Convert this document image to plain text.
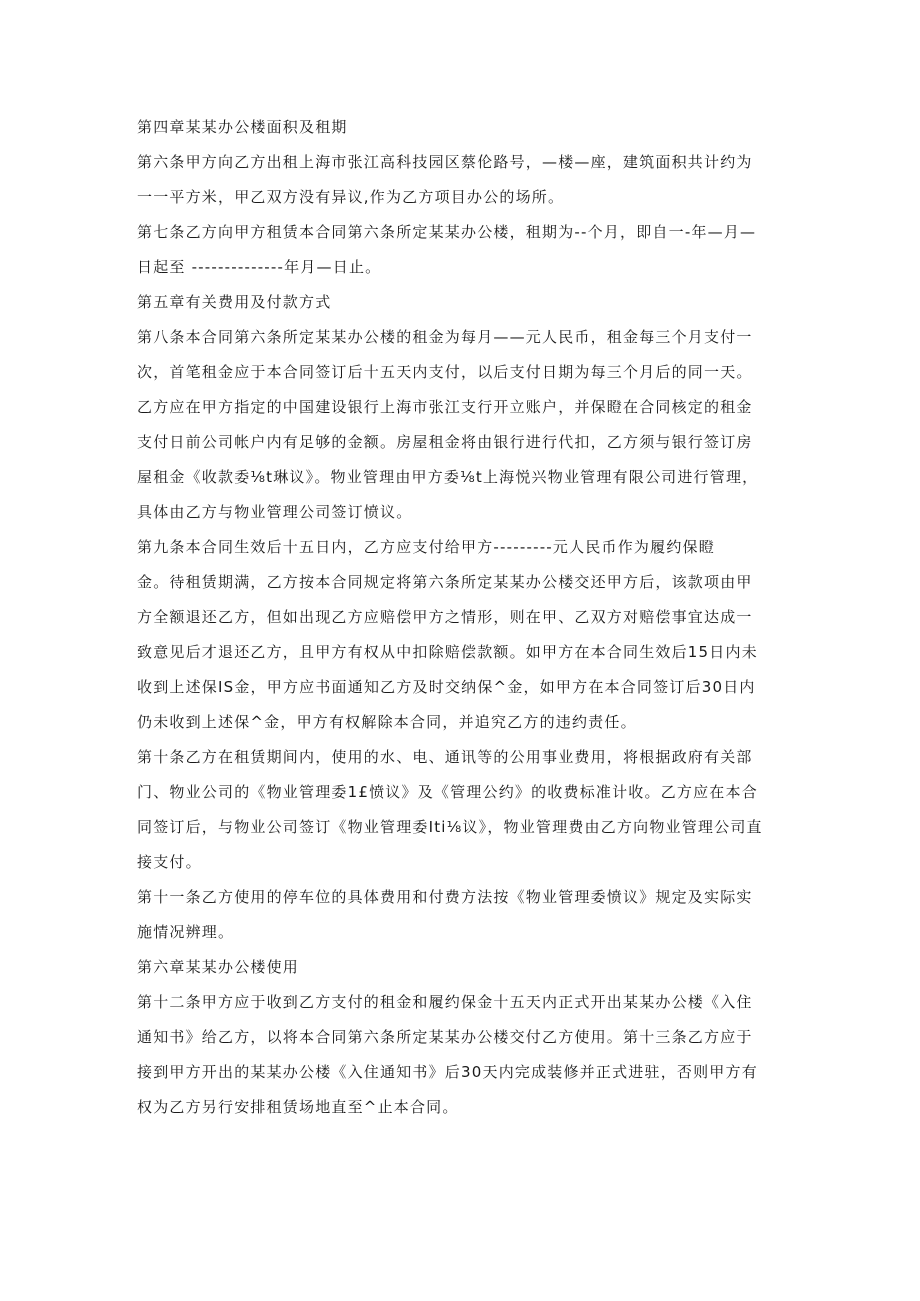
第四章某某办公楼面积及租期
第六条甲方向乙方出租上海市张江高科技园区蔡伦路号，—楼—座，建筑面积共计约为
一一平方米，甲乙双方没有异议,作为乙方项目办公的场所。
第七条乙方向甲方租赁本合同第六条所定某某办公楼，租期为--个月，即自一-年—月—
日起至 --------------年月—日止。
第五章有关费用及付款方式
第八条本合同第六条所定某某办公楼的租金为每月——元人民币，租金每三个月支付一
次，首笔租金应于本合同签订后十五天内支付，以后支付日期为每三个月后的同一天。
乙方应在甲方指定的中国建设银行上海市张江支行开立账户，并保瞪在合同核定的租金
支付日前公司帐户内有足够的金额。房屋租金将由银行进行代扣，乙方须与银行签订房
屋租金《收款委⅛t琳议》。物业管理由甲方委⅛t上海悦兴物业管理有限公司进行管理，
具体由乙方与物业管理公司签订愤议。
第九条本合同生效后十五日内，乙方应支付给甲方---------元人民币作为履约保瞪
金。待租赁期满，乙方按本合同规定将第六条所定某某办公楼交还甲方后，该款项由甲
方全额退还乙方，但如出现乙方应赔偿甲方之情形，则在甲、乙双方对赔偿事宜达成一
致意见后才退还乙方，且甲方有权从中扣除赔偿款额。如甲方在本合同生效后15日内未
收到上述保IS金，甲方应书面通知乙方及时交纳保^金，如甲方在本合同签订后30日内
仍未收到上述保^金，甲方有权解除本合同，并追究乙方的违约责任。
第十条乙方在租赁期间内，使用的水、电、通讯等的公用事业费用，将根据政府有关部
门、物业公司的《物业管理委1£愤议》及《管理公约》的收费标准计收。乙方应在本合
同签订后，与物业公司签订《物业管理委Iti⅛议》，物业管理费由乙方向物业管理公司直
接支付。
第十一条乙方使用的停车位的具体费用和付费方法按《物业管理委愤议》规定及实际实
施情况辨理。
第六章某某办公楼使用
第十二条甲方应于收到乙方支付的租金和履约保金十五天内正式开出某某办公楼《入住
通知书》给乙方，以将本合同第六条所定某某办公楼交付乙方使用。第十三条乙方应于
接到甲方开出的某某办公楼《入住通知书》后30天内完成装修并正式进驻，否则甲方有
权为乙方另行安排租赁场地直至^止本合同。
